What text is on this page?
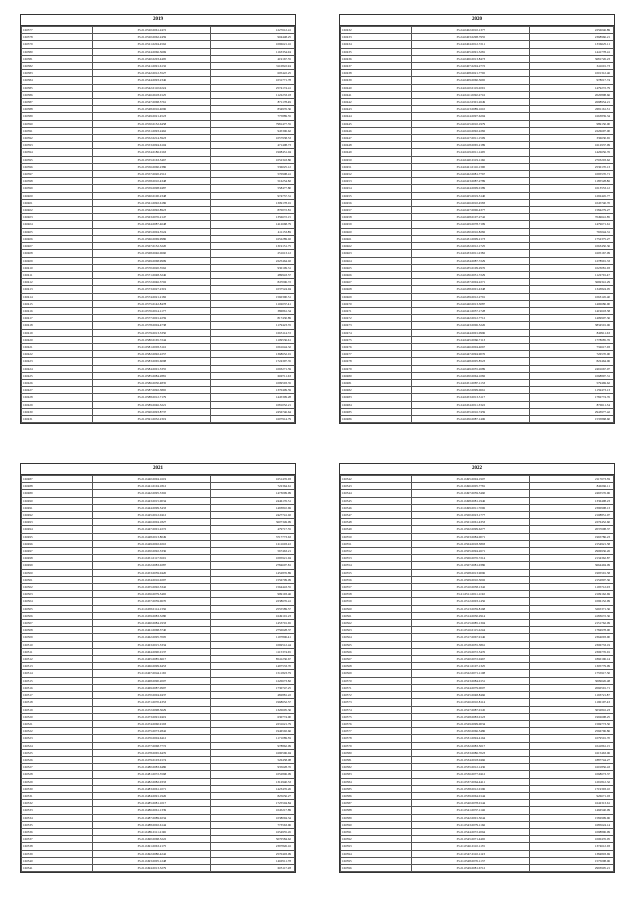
2019
160377	35.21.0520.0061.2472	1227612.41
160378	35.21.0520.0062.2459	904448.25
160379	35.21.0521.0204.4562	1096621.16
160380	35.21.0524.0066.3669	1163354.04
160381	35.21.0540.0203.4495	419167.55
160382	35.21.0541.0091.6132	3110822.94
160383	35.21.0542.0012.5527	605422.25
160384	35.21.0544.0093.2346	1031771.78
160385	35.21.0542.0110.0224	2574174.41
160386	35.21.0546.0618.0125	1122233.18
160387	35.21.0547.0068.5761	871178.49
160388	35.21.0548.0016.4096	834976.36
160389	35.21.0549.0021.4523	775889.55
160390	35.21.0550.0152.6458	7981477.55
160391	35.21.0551.0093.2462	945306.62
160392	35.21.0552.0214.5923	1057938.53
160393	35.21.0553.0094.6104	471408.73
160394	35.21.0554.0186.0163	1908451.04
160395	35.21.0555.0163.5467	1052343.86
160396	35.21.0556.0060.2386	536025.12
160397	35.21.0557.0020.2512	570908.41
160398	35.21.0558.0010.4348	516254.82
160399	35.21.0559.0098.9487	558477.80
160400	35.21.0560.0100.2348	974757.31
160401	35.21.0561.0092.6186	1309178.01
160402	35.21.0562.0092.8923	870072.81
160403	35.21.0563.0076.2147	1356672.15
160404	35.21.0564.0087.4648	1412668.79
160405	35.21.0565.0004.5524	411153.89
160406	35.21.0566.0069.9986	1652289.02
160407	35.21.0567.0152.3220	1319151.75
160408	35.21.0568.0046.0660	251613.12
160409	35.21.0569.0068.9999	2225464.02
160410	35.21.0570.0020.3562	930109.31
160411	35.21.0571.0048.3246	489943.57
160412	35.21.0572.0046.3702	847006.72
160413	35.21.0573.0027.2319	1037524.94
160414	35.21.0574.0021.2182	1560390.51
160415	35.21.0575.0142.8478	1102037.41
160416	35.21.0576.0014.1177	386861.34
160417	35.21.0577.0001.2259	817430.89
160418	35.21.0578.0004.4738	1179423.76
160419	35.21.0579.0013.3350	1063114.72
160420	35.21.0580.0165.7244	1109536.61
160421	35.21.0581.0093.3116	1061644.32
160422	35.21.0582.0092.2257	1368652.01
160423	35.21.0583.0065.6098	1724397.35
160424	35.21.0584.0001.3355	1093271.59
160425	35.21.0585.0084.2881	669711.63
160426	35.21.0586.0030.4835	1099593.35
160427	35.21.0587.0092.3865	1370409.59
160428	35.21.0588.0012.7179	1445309.28
160429	35.21.0589.0046.3221	1081052.21
160430	35.21.0590.0093.8737	2456746.64
160431	35.21.0591.0032.2319	1607914.79
2020
160432	35.24.0402.0010.1377	2256046.89
160433	35.24.0403.0298.7955	2368966.21
160434	35.24.0404.0012.7211	1336625.11
160435	35.24.0405.0091.3281	1441778.41
160436	35.24.0406.0013.8473	3681726.23
160437	35.24.0407.0204.2772	341601.73
160438	35.24.0408.0021.7765	1001312.46
160439	35.24.0409.0060.3665	978017.74
160440	35.24.0410.0119.2091	1479272.79
160441	35.24.0411.0092.2716	2020898.66
160442	35.24.0412.0301.2649	2698954.21
160443	35.24.0413.0089.1610	2681161.31
160444	35.24.0414.0097.6294	1663839.34
160445	35.24.0415.0010.1979	989150.00
160446	35.24.0416.0092.2282	2226697.00
160447	35.24.0417.0011.1509	336630.65
160448	35.24.0418.0065.2189	1612937.99
160449	35.24.0419.0011.1495	1426656.76
160450	35.24.0420.0119.1166	2703203.62
160451	35.24.0421.0116.1390	2530170.13
160452	35.24.0422.0081.7767	1095570.71
160453	35.24.0423.0087.2789	1185528.86
160454	35.24.0424.0009.0189	1013553.12
160455	35.24.0425.0019.3140	1292445.77
160456	35.24.0426.0010.4583	1045740.70
160457	35.24.0427.0006.4377	1584279.27
160458	35.24.0428.0107.2742	7049641.85
160459	35.24.0429.0078.7199	1479671.61
160460	35.24.0430.0016.8282	765044.31
160461	35.24.0431.0009.2173	1752375.27
160462	35.24.0432.0012.1725	1063450.36
160463	35.24.0433.0011.2382	1605167.09
160464	35.24.0434.0087.7229	1278991.33
160465	35.24.0435.0109.2976	1023081.93
160466	35.24.0436.0031.7229	1122791.47
160467	35.24.0437.0004.2271	3669341.29
160468	35.24.0438.0001.4348	1343824.05
160469	35.24.0439.0012.2791	1063145.40
160470	35.24.0440.0013.3087	1400686.90
160471	35.24.0441.0057.1728	1419618.58
160472	35.24.0442.0012.7712	1409907.36
160473	35.24.0443.0006.5226	3834501.06
160474	35.24.0444.0001.0996	840911.63
160475	35.24.0445.0066.7113	1778685.76
160476	35.24.0446.0004.4067	732617.93
160477	35.24.0447.0094.9076	726570.00
160478	35.24.0448.0005.8523	822464.06
160479	35.24.0449.0055.2689	2491667.07
160480	35.24.0450.0064.1082	1068897.31
160481	35.24.0451.0087.1133	579469.62
160482	35.24.0452.0099.0661	1159473.13
160483	35.24.0453.0013.3117	1782774.76
160484	35.24.0454.0011.3322	870611.34
160485	35.24.0455.0016.7459	2943977.42
160486	35.24.0456.0087.1406	1535868.60
2021
160487	35.21.0440.0004.1619	1651476.93
160488	35.21.0441.0104.1812	722364.61
160489	35.21.0442.0095.3302	1473099.99
160490	35.21.0443.0015.0034	2446176.51
160491	35.21.0444.0099.5433	1493810.69
160492	35.21.0445.0012.0412	2427741.02
160493	35.21.0446.0004.1827	3607349.99
160494	35.21.0447.0001.2272	479717.55
160495	35.21.0448.0013.8049	3717773.63
160496	35.21.0449.0002.0210	1211603.22
160497	35.21.0450.0092.3336	567463.21
160498	35.21.0451.0117.5601	1095921.94
160499	35.21.0452.0083.0287	2784607.81
160500	35.21.0453.0059.0420	1452876.89
160501	35.21.0454.0016.0297	1556709.09
160502	35.21.0455.0092.3342	1564443.55
160503	35.21.0456.0079.5465	999193.46
160504	35.21.0457.0059.0670	2238676.41
160505	35.21.0458.0114.1336	2555589.57
160506	35.21.0459.0083.3280	1649101.23
160507	35.21.0460.0084.1933	1453701.65
160508	35.21.0461.0068.3740	2750628.37
160509	35.21.0462.0095.7005	1197806.41
160510	35.21.0463.0015.3334	1069512.44
160511	35.21.0464.0090.0137	1115374.65
160512	35.21.0465.0085.6617	8541236.67
160513	35.21.0466.0099.6453	1497533.70
160514	35.21.0467.0044.1165	1511823.79
160515	35.21.0468.0090.2007	1220673.82
160516	35.21.0469.0087.0997	1730747.25
160517	35.21.0470.0004.0437	482881.22
160518	35.21.0471.0070.4353	1968652.57
160519	35.21.0472.0098.3629	1320605.36
160520	35.21.0473.0091.9419	630774.00
160521	35.21.0474.0060.9193	2231621.79
160522	35.21.0475.0073.2842	1946592.66
160523	35.21.0476.0004.6412	1171089.59
160524	35.21.0477.0068.7772	978862.09
160525	35.21.0478.0065.6476	1690596.94
160526	35.21.0479.0103.0174	526458.08
160527	35.21.0480.0083.6486	935628.76
160528	35.21.0481.0072.3568	1052806.09
160529	35.21.0482.0082.0333	1312940.53
160530	35.21.0483.0061.1071	1423476.26
160531	35.21.0484.0091.1926	825656.27
160532	35.21.0485.0081.1017	1725504.84
160533	35.21.0486.0061.1339	1045217.89
160534	35.21.0487.0089.0234	1038094.34
160535	35.21.0488.0002.6144	773563.96
160536	35.21.0489.0111.2196	1654955.45
160537	35.21.0490.0068.3222	5070584.62
160538	35.21.0491.0063.2175	2397826.16
160539	35.21.0492.0080.4242	2570403.09
160540	35.21.0493.0005.1248	1460511.78
160541	35.21.0494.0013.3279	605117.28
2022
160542	35.21.0495.0004.1907	2117673.39
160543	35.21.0496.0005.7781	840266.11
160544	35.21.0497.0059.3460	2465576.96
160545	35.21.0498.0081.1946	1336498.23
160546	35.21.0499.0011.7006	2390998.13
160547	35.21.0500.0023.1777	2108851.07
160548	35.21.0501.0061.4353	2276452.60
160549	35.21.0502.0099.6277	2037698.37
160550	35.21.0503.0084.0071	1965786.23
160551	35.21.0504.0018.5893	2154921.58
160552	35.21.0505.0094.2671	2906936.26
160553	35.21.0506.0076.7214	2134362.87
160554	35.21.0507.0081.0386	3664494.09
160555	35.21.0508.0013.9096	1995591.58
160556	35.21.0509.0010.3002	2152807.36
160557	35.21.0510.0058.1342	1195712.03
160558	35.21.0511.0011.1192	2109162.69
160559	35.21.0512.0003.1456	1096152.99
160560	35.21.0513.0059.8168	3265371.36
160561	35.21.0514.0030.2914	4183672.36
160562	35.21.0515.0085.1304	2151762.09
160563	35.21.0516.0115.2244	1784978.00
160564	35.21.0517.0067.9146	2364093.90
160565	35.21.0518.0055.3861	2306733.19
160566	35.21.0519.0072.5476	2306776.91
160567	35.21.0520.0072.0467	1860196.14
160568	35.21.0521.0107.1325	1305779.99
160569	35.21.0522.0071.1108	1755917.50
160570	35.21.0523.0084.0151	3009626.48
160571	35.21.0524.0079.0007	2060591.71
160572	35.21.0525.0048.8466	1193721.87
160573	35.21.0526.0010.8114	1190197.43
160574	35.21.0527.0087.0145	3032816.23
160575	35.21.0528.0083.0123	1992698.25
160576	35.21.0529.0099.0034	1569773.50
160577	35.21.0530.0066.5486	2566796.86
160578	35.21.0531.0094.4164	1079501.70
160579	35.21.0532.0083.5017	1041861.15
160580	35.21.0533.0086.7023	1615463.06
160581	35.21.0534.0018.0466	1887744.27
160582	35.21.0535.0012.1436	1601856.43
160583	35.21.0536.0077.0412	1068673.37
160584	35.21.0537.0064.4411	1291812.32
160585	35.21.0538.0012.0196	1719393.10
160586	35.21.0539.0064.0144	926671.03
160587	35.21.0540.0078.0144	1642313.61
160588	35.21.0541.0037.1146	1466540.09
160589	35.21.0542.0001.5044	1582999.96
160590	35.21.0543.0079.1166	1685624.14
160591	35.21.0544.0072.2064	1098896.99
160592	35.21.0545.0071.4465	1000476.05
160593	35.21.0546.0110.1135	1374612.93
160594	35.21.0547.0110.1123	1384803.69
160595	35.21.0548.0076.1137	1575098.06
160596	35.21.0549.0081.6712	2993905.21
